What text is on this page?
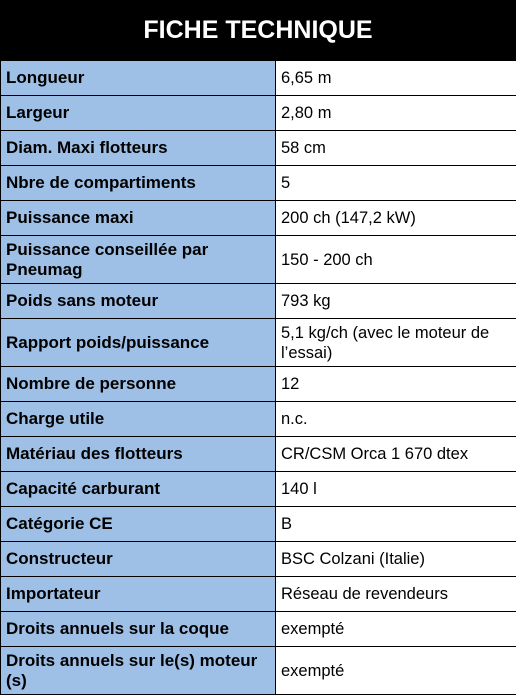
FICHE TECHNIQUE
Longueur	6,65 m
Largeur	2,80 m
Diam. Maxi flotteurs	58 cm
Nbre de compartiments	5
Puissance maxi	200 ch (147,2 kW)
Puissance conseillée par Pneumag	150 - 200 ch
Poids sans moteur	793 kg
Rapport poids/puissance	5,1 kg/ch (avec le moteur de l’essai)
Nombre de personne	12
Charge utile	n.c.
Matériau des flotteurs	CR/CSM Orca 1 670 dtex
Capacité carburant	140 l
Catégorie CE	B
Constructeur	BSC Colzani (Italie)
Importateur	Réseau de revendeurs
Droits annuels sur la coque	exempté
Droits annuels sur le(s) moteur (s)	exempté
